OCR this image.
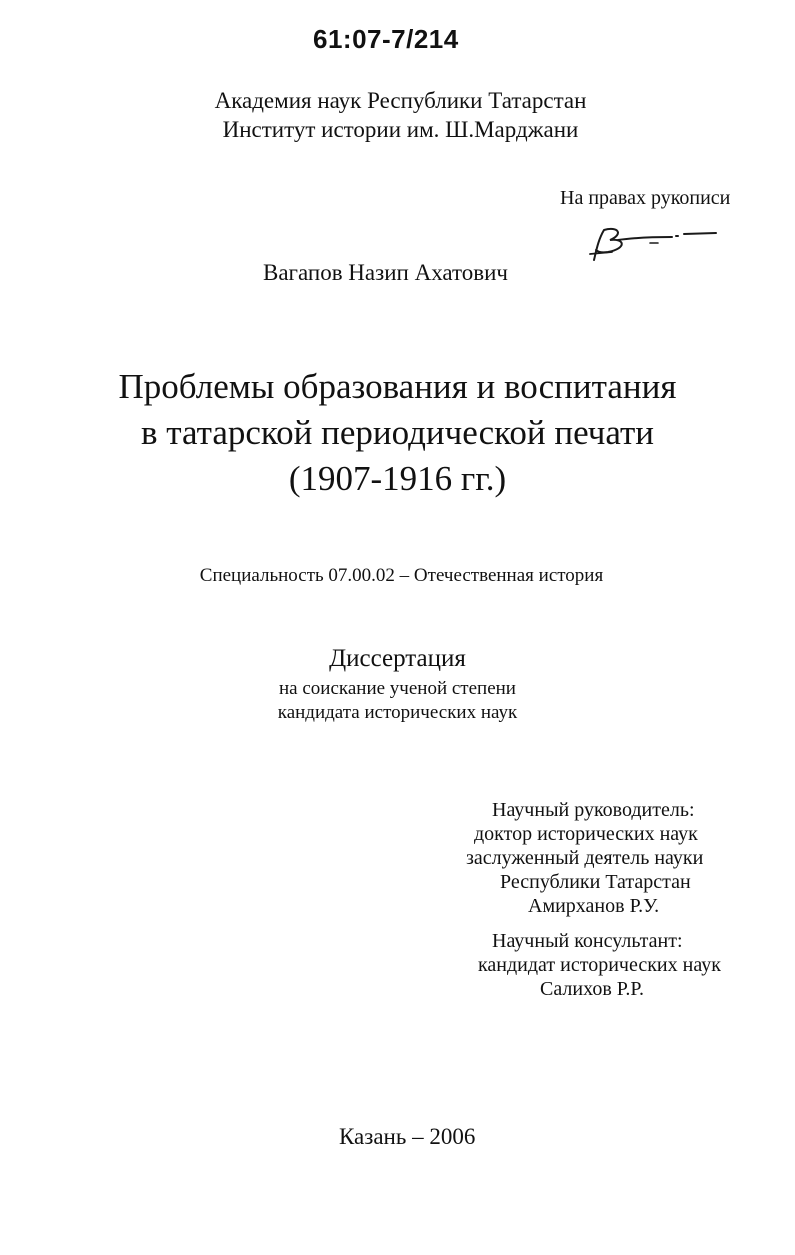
61:07-7/214
Академия наук Республики Татарстан
Институт истории им. Ш.Марджани
На правах рукописи
Вагапов Назип Ахатович
Проблемы образования и воспитания
в татарской периодической печати
(1907-1916 гг.)
Специальность 07.00.02 – Отечественная история
Диссертация
на соискание ученой степени
кандидата исторических наук
Научный руководитель:
доктор исторических наук
заслуженный деятель науки
Республики Татарстан
Амирханов Р.У.
Научный консультант:
кандидат исторических наук
Салихов Р.Р.
Казань – 2006
